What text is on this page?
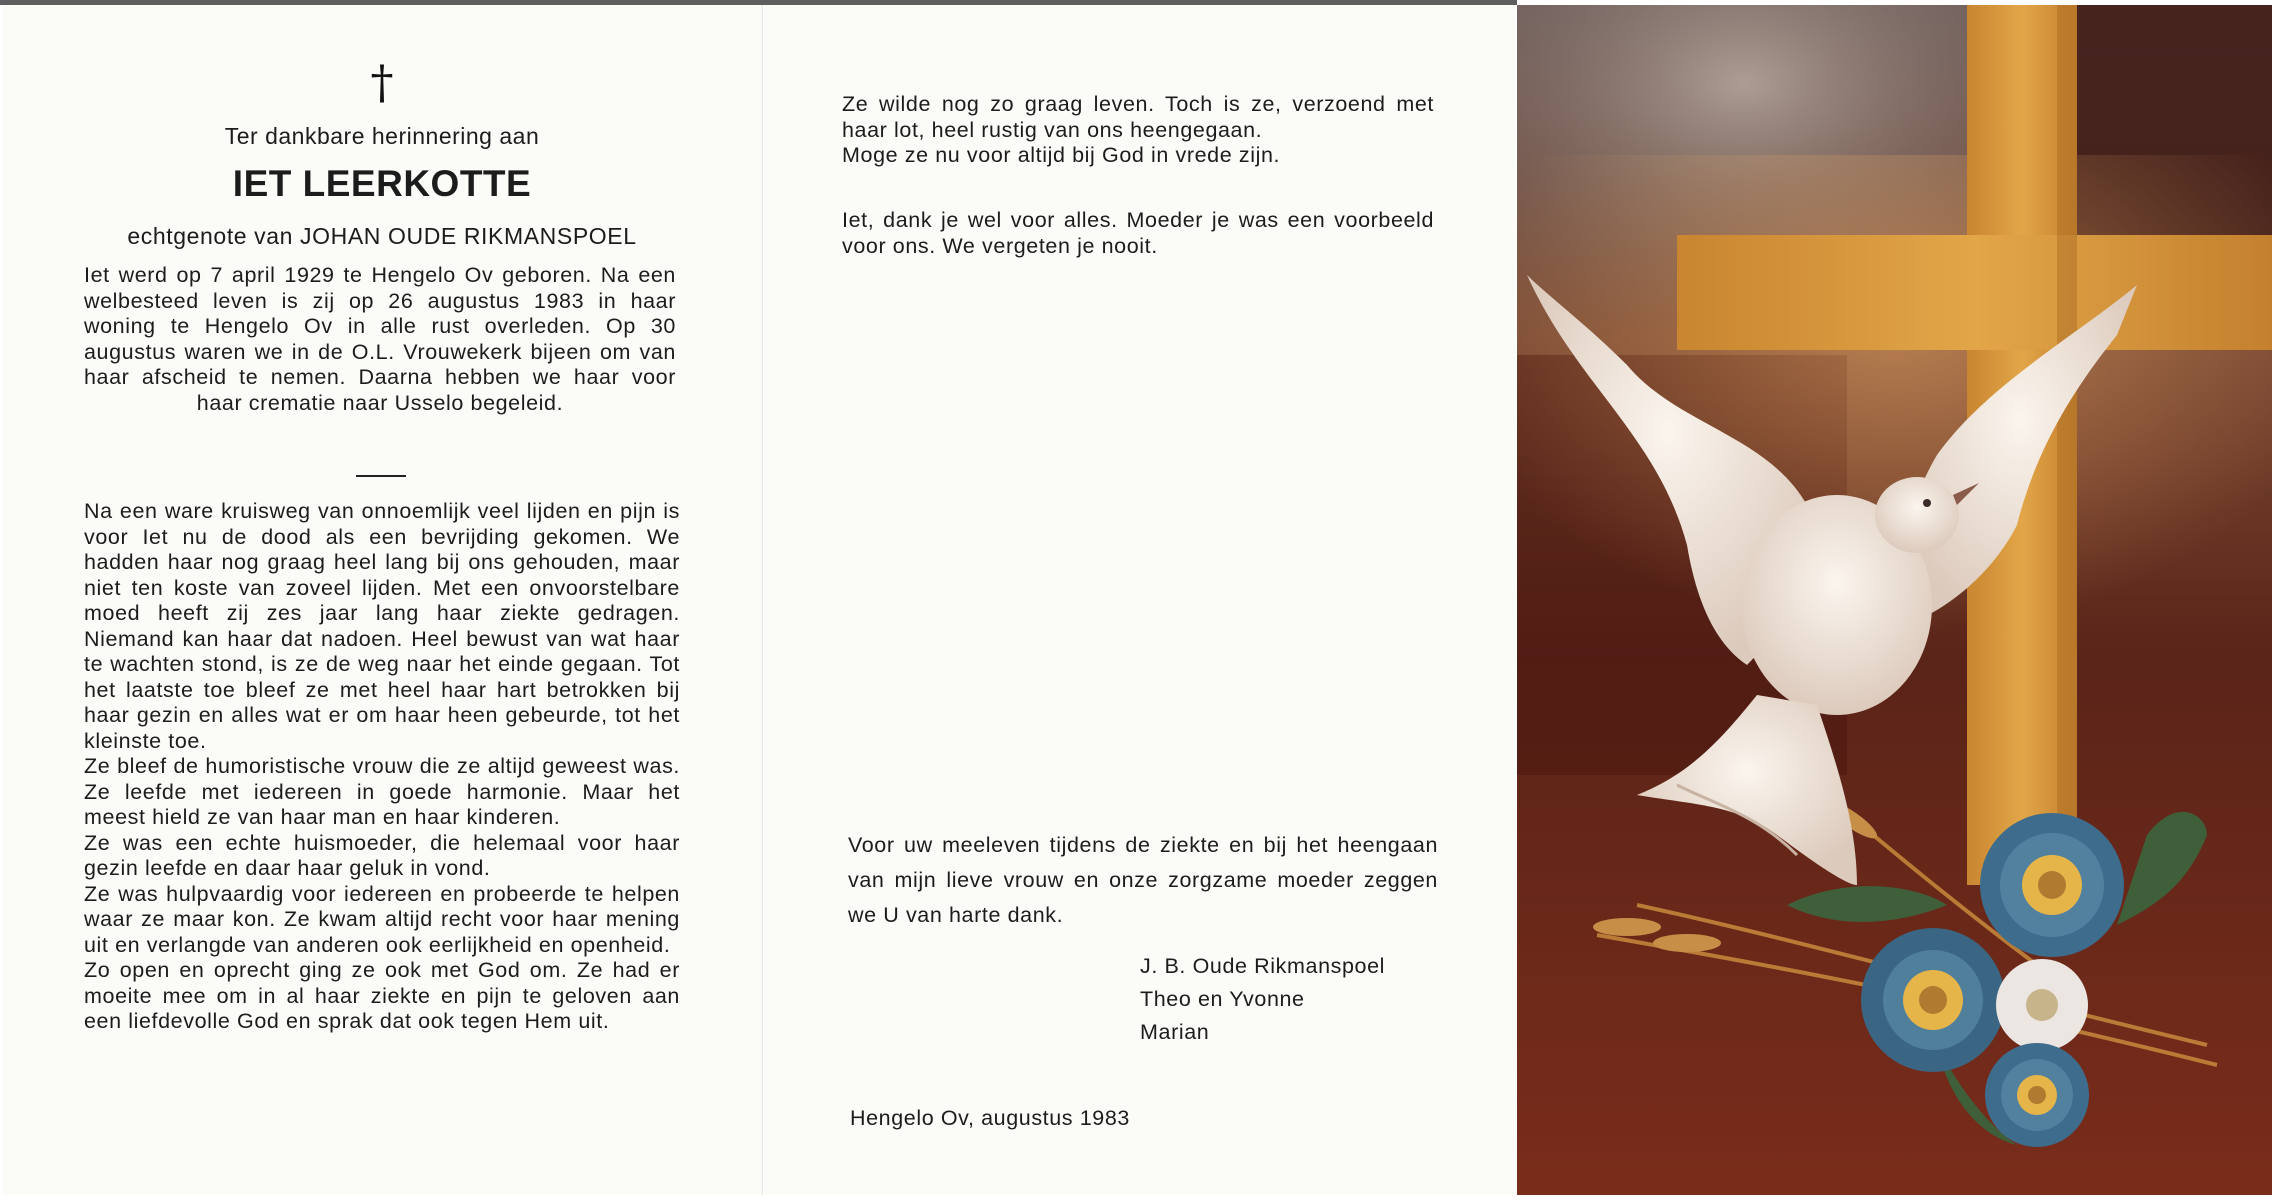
†
Ter dankbare herinnering aan
IET LEERKOTTE
echtgenote van JOHAN OUDE RIKMANSPOEL

Iet werd op 7 april 1929 te Hengelo Ov geboren. Na een welbesteed leven is zij op 26 augustus 1983 in haar woning te Hengelo Ov in alle rust overleden. Op 30 augustus waren we in de O.L. Vrouwekerk bijeen om van haar afscheid te nemen. Daarna hebben we haar voor haar crematie naar Usselo begeleid.

Na een ware kruisweg van onnoemlijk veel lijden en pijn is voor Iet nu de dood als een bevrijding gekomen. We hadden haar nog graag heel lang bij ons gehouden, maar niet ten koste van zoveel lijden. Met een onvoorstelbare moed heeft zij zes jaar lang haar ziekte gedragen. Niemand kan haar dat nadoen. Heel bewust van wat haar te wachten stond, is ze de weg naar het einde gegaan. Tot het laatste toe bleef ze met heel haar hart betrokken bij haar gezin en alles wat er om haar heen gebeurde, tot het kleinste toe.

Ze bleef de humoristische vrouw die ze altijd geweest was. Ze leefde met iedereen in goede harmonie. Maar het meest hield ze van haar man en haar kinderen.

Ze was een echte huismoeder, die helemaal voor haar gezin leefde en daar haar geluk in vond.

Ze was hulpvaardig voor iedereen en probeerde te helpen waar ze maar kon. Ze kwam altijd recht voor haar mening uit en verlangde van anderen ook eerlijkheid en openheid.

Zo open en oprecht ging ze ook met God om. Ze had er moeite mee om in al haar ziekte en pijn te geloven aan een liefdevolle God en sprak dat ook tegen Hem uit.

Ze wilde nog zo graag leven. Toch is ze, verzoend met haar lot, heel rustig van ons heengegaan.

Moge ze nu voor altijd bij God in vrede zijn.

Iet, dank je wel voor alles. Moeder je was een voorbeeld voor ons. We vergeten je nooit.

Voor uw meeleven tijdens de ziekte en bij het heengaan van mijn lieve vrouw en onze zorgzame moeder zeggen we U van harte dank.

J. B. Oude Rikmanspoel
Theo en Yvonne
Marian
Hengelo Ov, augustus 1983
